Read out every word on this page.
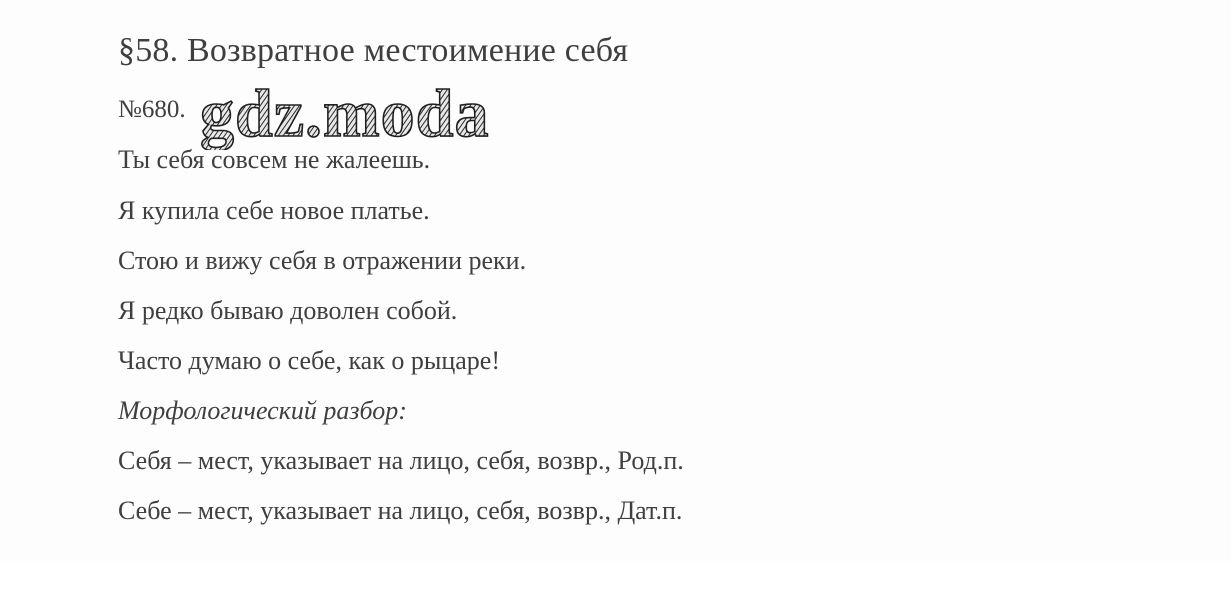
§58. Возвратное местоимение себя
№680. gdz.moda
Ты себя совсем не жалеешь.
Я купила себе новое платье.
Стою и вижу себя в отражении реки.
Я редко бываю доволен собой.
Часто думаю о себе, как о рыцаре!
Морфологический разбор:
Себя – мест, указывает на лицо, себя, возвр., Род.п.
Себе – мест, указывает на лицо, себя, возвр., Дат.п.
